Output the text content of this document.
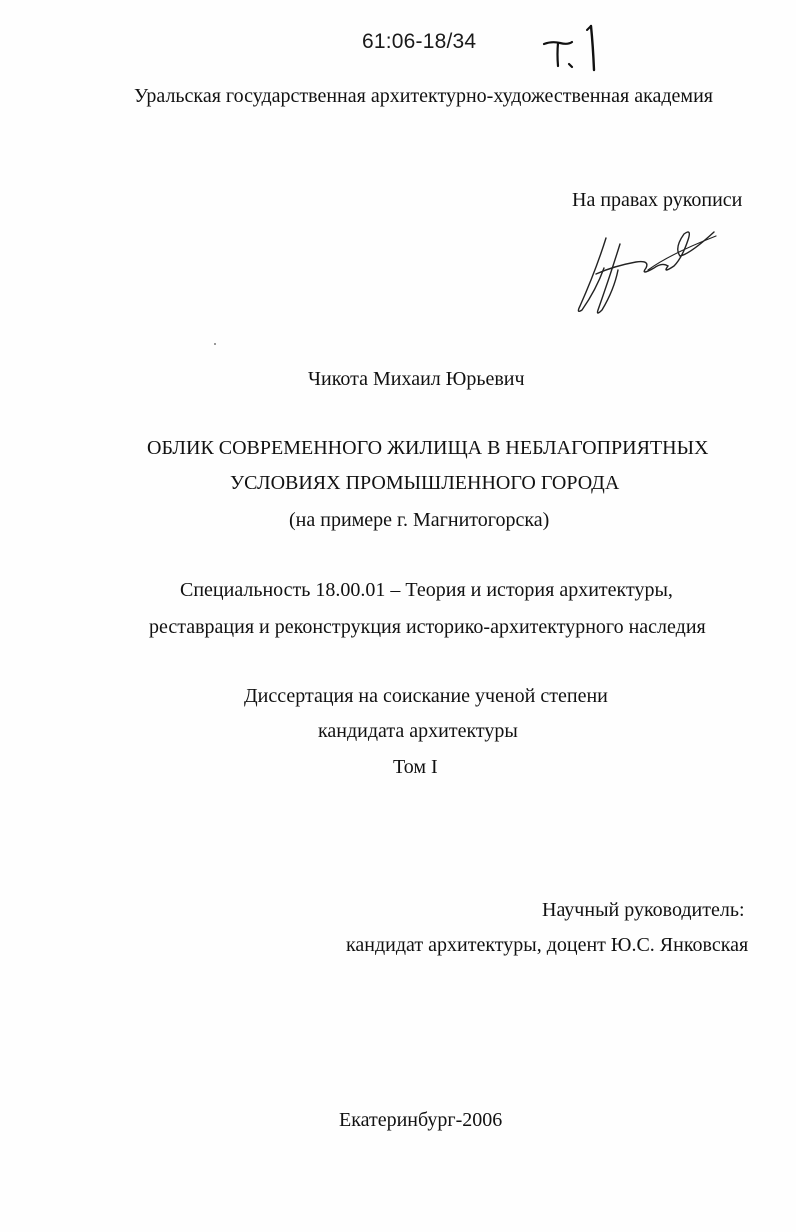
61:06-18/34
Уральская государственная архитектурно-художественная академия
На правах рукописи
Чикота Михаил Юрьевич
ОБЛИК СОВРЕМЕННОГО ЖИЛИЩА В НЕБЛАГОПРИЯТНЫХ
УСЛОВИЯХ ПРОМЫШЛЕННОГО ГОРОДА
(на примере г. Магнитогорска)
Специальность 18.00.01 – Теория и история архитектуры,
реставрация и реконструкция историко-архитектурного наследия
Диссертация на соискание ученой степени
кандидата архитектуры
Том I
Научный руководитель:
кандидат архитектуры, доцент Ю.С. Янковская
Екатеринбург-2006
